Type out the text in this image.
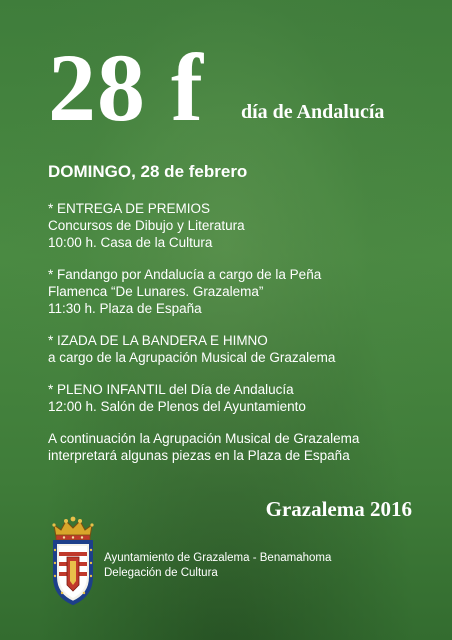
28 f día de Andalucía
DOMINGO, 28 de febrero
* ENTREGA DE PREMIOS
Concursos de Dibujo y Literatura
10:00 h. Casa de la Cultura
* Fandango por Andalucía a cargo de la Peña
Flamenca “De Lunares. Grazalema”
11:30 h. Plaza de España
* IZADA DE LA BANDERA E HIMNO
a cargo de la Agrupación Musical de Grazalema
* PLENO INFANTIL del Día de Andalucía
12:00 h. Salón de Plenos del Ayuntamiento
A continuación la Agrupación Musical de Grazalema
interpretará algunas piezas en la Plaza de España
Grazalema 2016
Ayuntamiento de Grazalema - Benamahoma
Delegación de Cultura
